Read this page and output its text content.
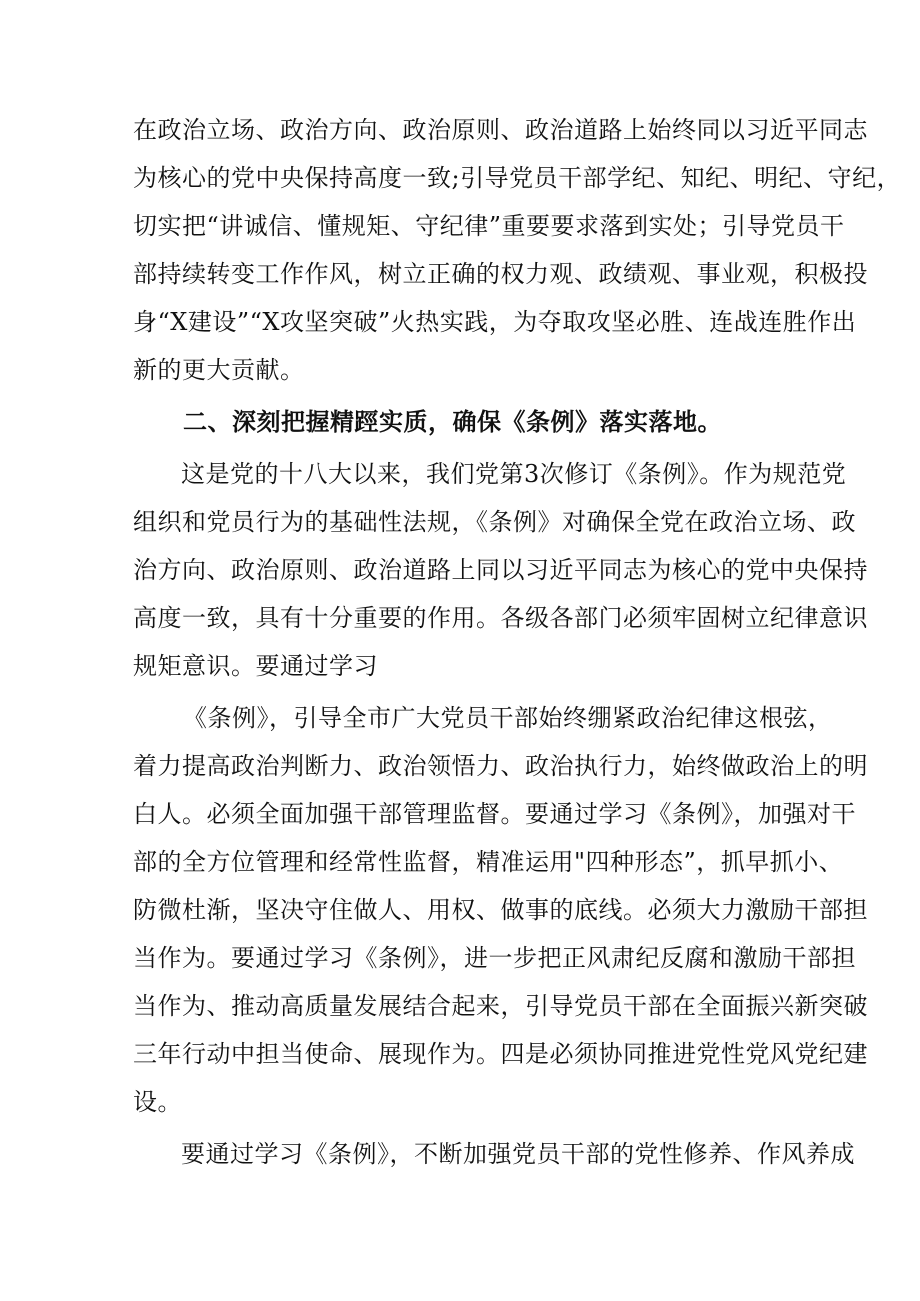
在政治立场、政治方向、政治原则、政治道路上始终同以习近平同志
为核心的党中央保持高度一致;引导党员干部学纪、知纪、明纪、守纪，
切实把“讲诚信、懂规矩、守纪律”重要要求落到实处；引导党员干
部持续转变工作作风，树立正确的权力观、政绩观、事业观，积极投
身“X建设”“X攻坚突破”火热实践，为夺取攻坚必胜、连战连胜作出
新的更大贡献。
二、深刻把握精踁实质，确保《条例》落实落地。
这是党的十八大以来，我们党第3次修订《条例》。作为规范党
组织和党员行为的基础性法规，《条例》对确保全党在政治立场、政
治方向、政治原则、政治道路上同以习近平同志为核心的党中央保持
高度一致，具有十分重要的作用。各级各部门必须牢固树立纪律意识
规矩意识。要通过学习
《条例》，引导全市广大党员干部始终绷紧政治纪律这根弦，
着力提高政治判断力、政治领悟力、政治执行力，始终做政治上的明
白人。必须全面加强干部管理监督。要通过学习《条例》，加强对干
部的全方位管理和经常性监督，精准运用"四种形态”，抓早抓小、
防微杜渐，坚决守住做人、用权、做事的底线。必须大力激励干部担
当作为。要通过学习《条例》，进一步把正风肃纪反腐和激励干部担
当作为、推动高质量发展结合起来，引导党员干部在全面振兴新突破
三年行动中担当使命、展现作为。四是必须协同推进党性党风党纪建
设。
要通过学习《条例》，不断加强党员干部的党性修养、作风养成
